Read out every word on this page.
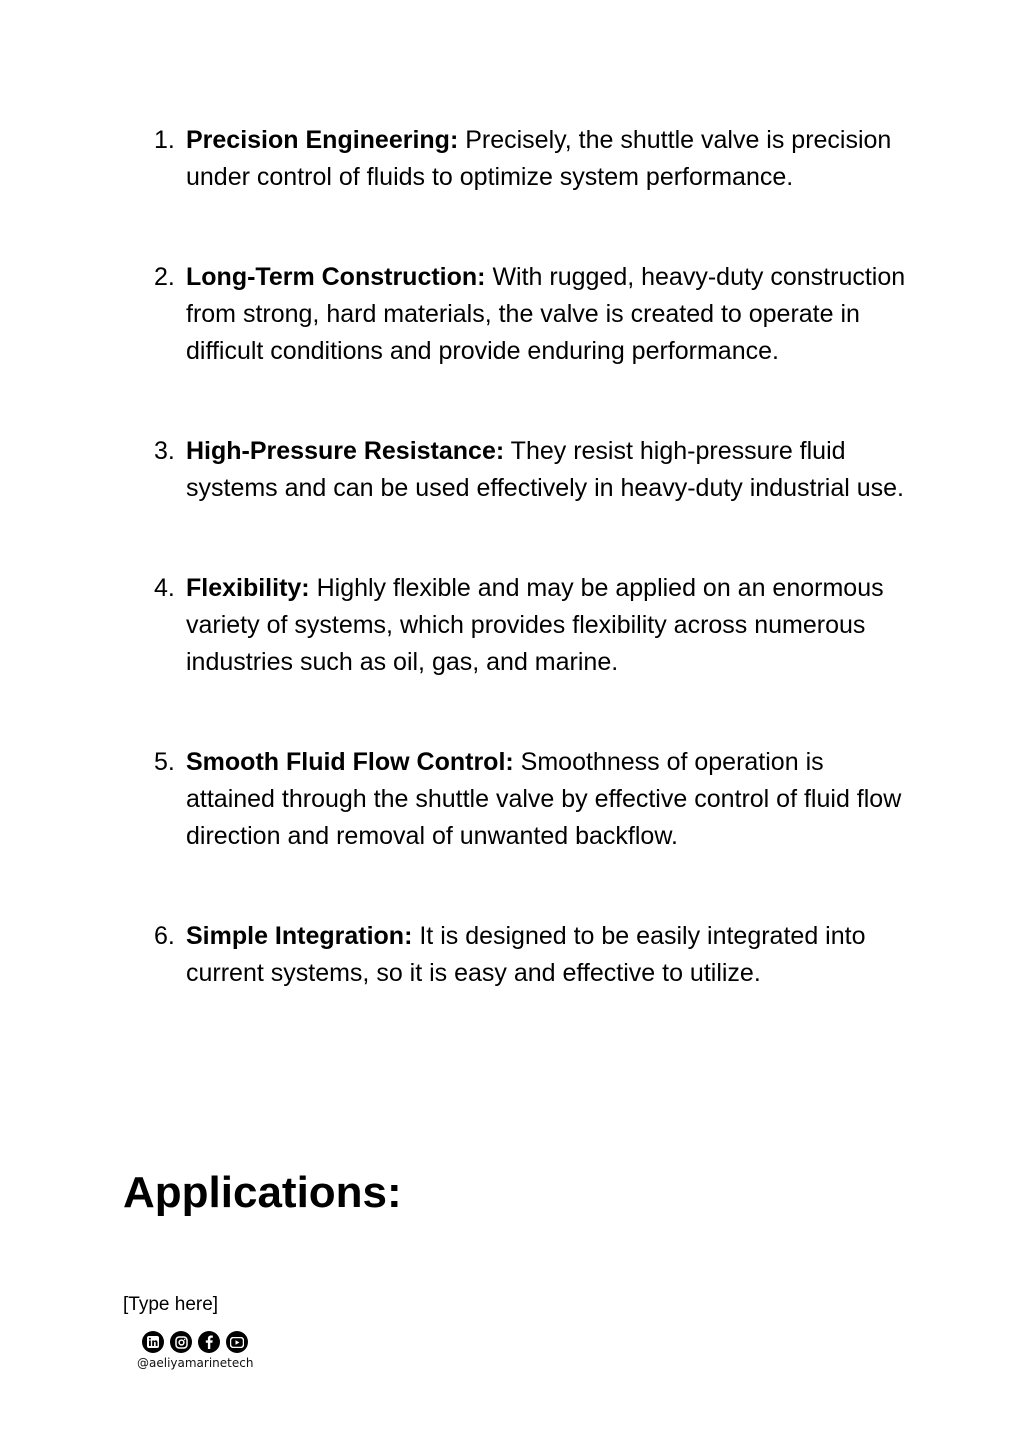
1. Precision Engineering: Precisely, the shuttle valve is precision under control of fluids to optimize system performance.
2. Long-Term Construction: With rugged, heavy-duty construction from strong, hard materials, the valve is created to operate in difficult conditions and provide enduring performance.
3. High-Pressure Resistance: They resist high-pressure fluid systems and can be used effectively in heavy-duty industrial use.
4. Flexibility: Highly flexible and may be applied on an enormous variety of systems, which provides flexibility across numerous industries such as oil, gas, and marine.
5. Smooth Fluid Flow Control: Smoothness of operation is attained through the shuttle valve by effective control of fluid flow direction and removal of unwanted backflow.
6. Simple Integration: It is designed to be easily integrated into current systems, so it is easy and effective to utilize.
Applications:
[Type here]
@aeliyamarinetech
